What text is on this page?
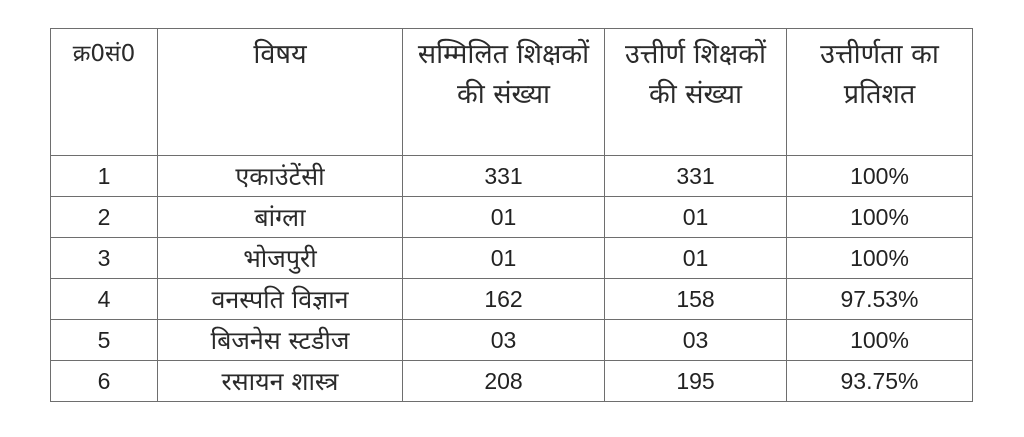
क्र0सं0	विषय	सम्मिलित शिक्षकों की संख्या	उत्तीर्ण शिक्षकों की संख्या	उत्तीर्णता का प्रतिशत
1	एकाउंटेंसी	331	331	100%
2	बांग्ला	01	01	100%
3	भोजपुरी	01	01	100%
4	वनस्पति विज्ञान	162	158	97.53%
5	बिजनेस स्टडीज	03	03	100%
6	रसायन शास्त्र	208	195	93.75%
